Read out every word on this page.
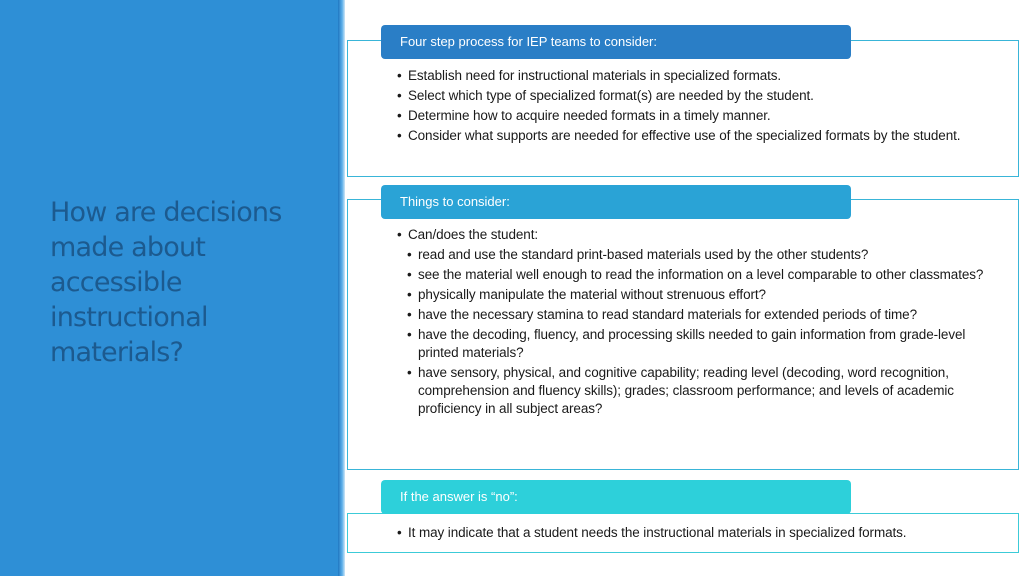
How are decisions made about accessible instructional materials?
Four step process for IEP teams to consider:
• Establish need for instructional materials in specialized formats.
• Select which type of specialized format(s) are needed by the student.
• Determine how to acquire needed formats in a timely manner.
• Consider what supports are needed for effective use of the specialized formats by the student.
Things to consider:
• Can/does the student:
• read and use the standard print-based materials used by the other students?
• see the material well enough to read the information on a level comparable to other classmates?
• physically manipulate the material without strenuous effort?
• have the necessary stamina to read standard materials for extended periods of time?
• have the decoding, fluency, and processing skills needed to gain information from grade-level printed materials?
• have sensory, physical, and cognitive capability; reading level (decoding, word recognition, comprehension and fluency skills); grades; classroom performance; and levels of academic proficiency in all subject areas?
If the answer is “no”:
• It may indicate that a student needs the instructional materials in specialized formats.
